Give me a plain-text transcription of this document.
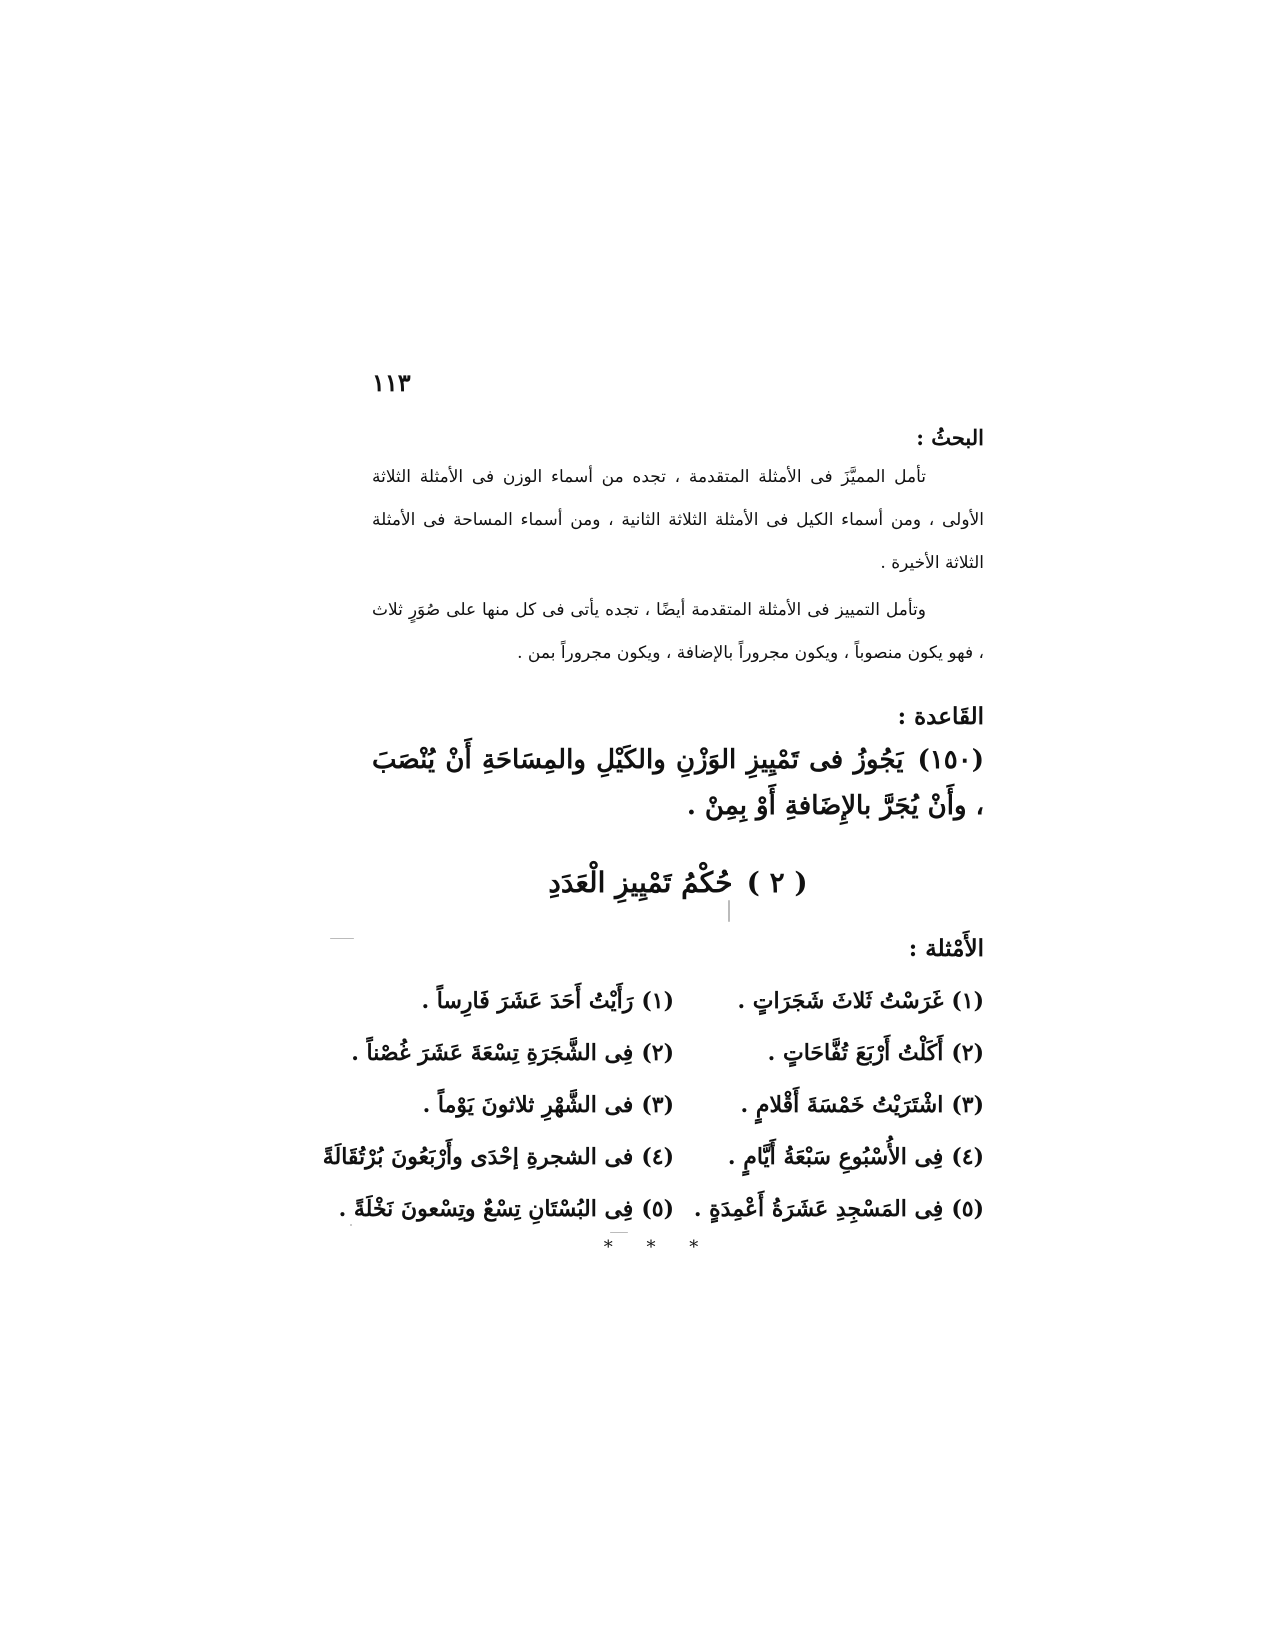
١١٣

البحثُ :

تأمل المميَّزَ فى الأمثلة المتقدمة ، تجده من أسماء الوزن فى الأمثلة الثلاثة الأولى ، ومن أسماء الكيل فى الأمثلة الثلاثة الثانية ، ومن أسماء المساحة فى الأمثلة الثلاثة الأخيرة .

وتأمل التمييز فى الأمثلة المتقدمة أيضًا ، تجده يأتى فى كل منها على صُوَرٍ ثلاث ، فهو يكون منصوباً ، ويكون مجروراً بالإضافة ، ويكون مجروراً بمن .

القَاعدة :

(١٥٠)يَجُوزُ فى تَمْيِيزِ الوَزْنِ والكَيْلِ والمِسَاحَةِ أَنْ يُنْصَبَ ، وأَنْ يُجَرَّ بالإِضَافةِ أَوْ بِمِنْ .

( ٢ )حُكْمُ تَمْيِيزِ الْعَدَدِ

الأَمْثلة :

(١)غَرَسْتُ ثَلاثَ شَجَرَاتٍ .
(١)رَأَيْتُ أَحَدَ عَشَرَ فَارِساً .
(٢)أَكَلْتُ أَرْبَعَ تُفَّاحَاتٍ .
(٢)فِى الشَّجَرَةِ تِسْعَةَ عَشَرَ غُصْناً .
(٣)اشْتَرَيْتُ خَمْسَةَ أَقْلامٍ .
(٣)فى الشَّهْرِ ثلاثونَ يَوْماً .
(٤)فِى الأُسْبُوعِ سَبْعَةُ أَيَّامٍ .
(٤)فى الشجرةِ إحْدَى وأَرْبَعُونَ بُرْتُقَالَةً
(٥)فِى المَسْجِدِ عَشَرَةُ أَعْمِدَةٍ .
(٥)فِى البُسْتَانِ تِسْعٌ وتِسْعونَ نَخْلَةً .
* * *
